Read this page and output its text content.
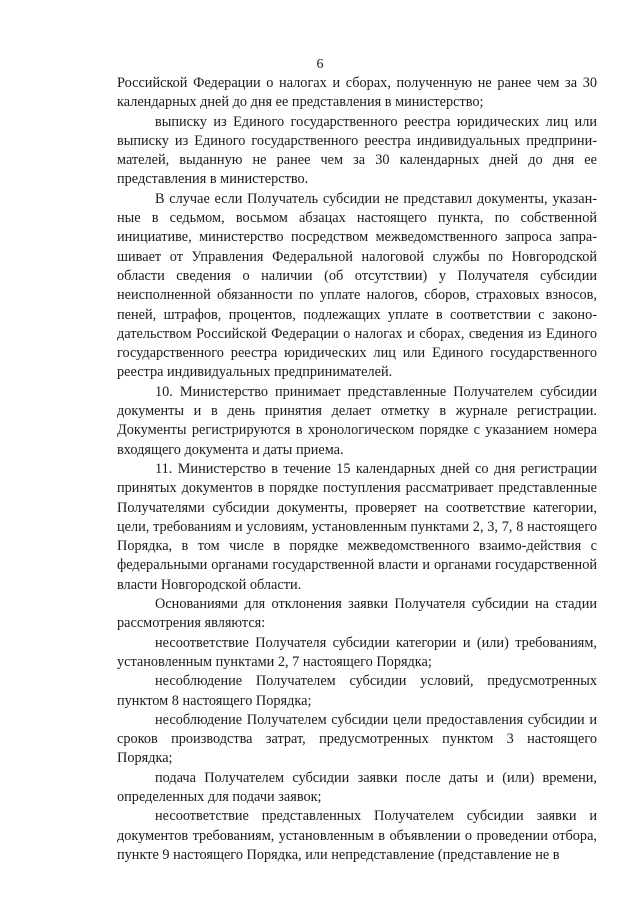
6

Российской Федерации о налогах и сборах, полученную не ранее чем за 30 календарных дней до дня ее представления в министерство;

выписку из Единого государственного реестра юридических лиц или выписку из Единого государственного реестра индивидуальных предприни-мателей, выданную не ранее чем за 30 календарных дней до дня ее представления в министерство.

В случае если Получатель субсидии не представил документы, указан-ные в седьмом, восьмом абзацах настоящего пункта, по собственной инициативе, министерство посредством межведомственного запроса запра-шивает от Управления Федеральной налоговой службы по Новгородской области сведения о наличии (об отсутствии) у Получателя субсидии неисполненной обязанности по уплате налогов, сборов, страховых взносов, пеней, штрафов, процентов, подлежащих уплате в соответствии с законо-дательством Российской Федерации о налогах и сборах, сведения из Единого государственного реестра юридических лиц или Единого государственного реестра индивидуальных предпринимателей.

10. Министерство принимает представленные Получателем субсидии документы и в день принятия делает отметку в журнале регистрации. Документы регистрируются в хронологическом порядке с указанием номера входящего документа и даты приема.

11. Министерство в течение 15 календарных дней со дня регистрации принятых документов в порядке поступления рассматривает представленные Получателями субсидии документы, проверяет на соответствие категории, цели, требованиям и условиям, установленным пунктами 2, 3, 7, 8 настоящего Порядка, в том числе в порядке межведомственного взаимо-действия с федеральными органами государственной власти и органами государственной власти Новгородской области.

Основаниями для отклонения заявки Получателя субсидии на стадии рассмотрения являются:

несоответствие Получателя субсидии категории и (или) требованиям, установленным пунктами 2, 7 настоящего Порядка;

несоблюдение Получателем субсидии условий, предусмотренных пунктом 8 настоящего Порядка;

несоблюдение Получателем субсидии цели предоставления субсидии и сроков производства затрат, предусмотренных пунктом 3 настоящего Порядка;

подача Получателем субсидии заявки после даты и (или) времени, определенных для подачи заявок;

несоответствие представленных Получателем субсидии заявки и документов требованиям, установленным в объявлении о проведении отбора, пункте 9 настоящего Порядка, или непредставление (представление не в
